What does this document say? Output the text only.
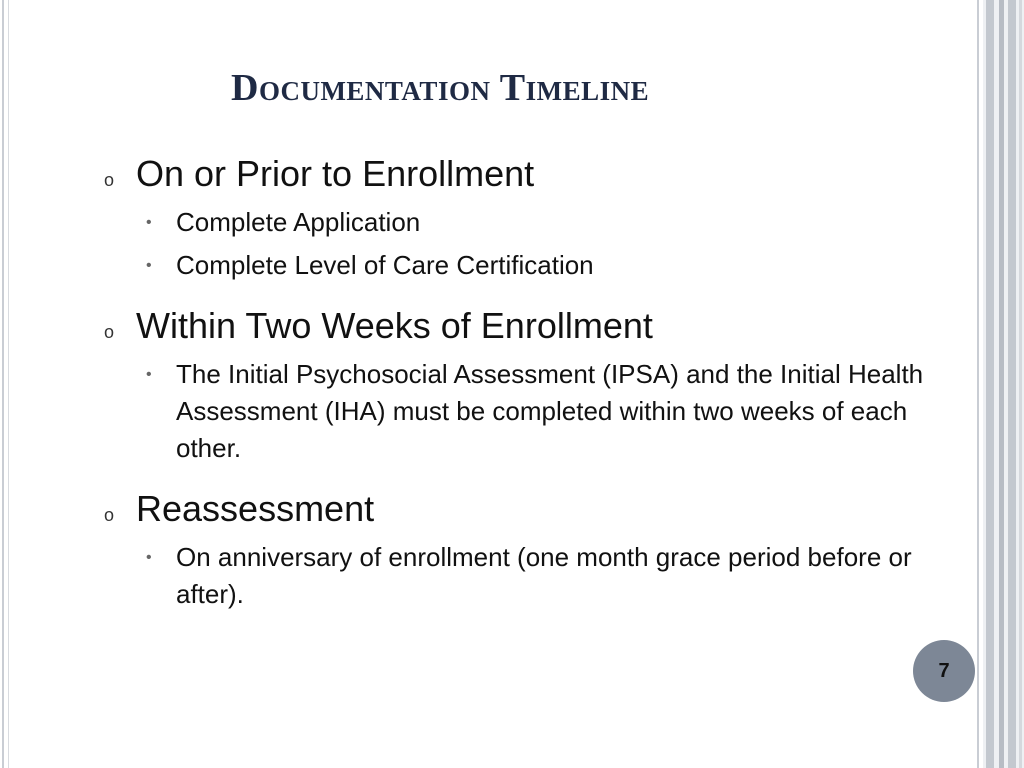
Documentation Timeline
o On or Prior to Enrollment
• Complete Application
• Complete Level of Care Certification
o Within Two Weeks of Enrollment
• The Initial Psychosocial Assessment (IPSA) and the Initial Health Assessment (IHA) must be completed within two weeks of each other.
o Reassessment
• On anniversary of enrollment (one month grace period before or after).
7
